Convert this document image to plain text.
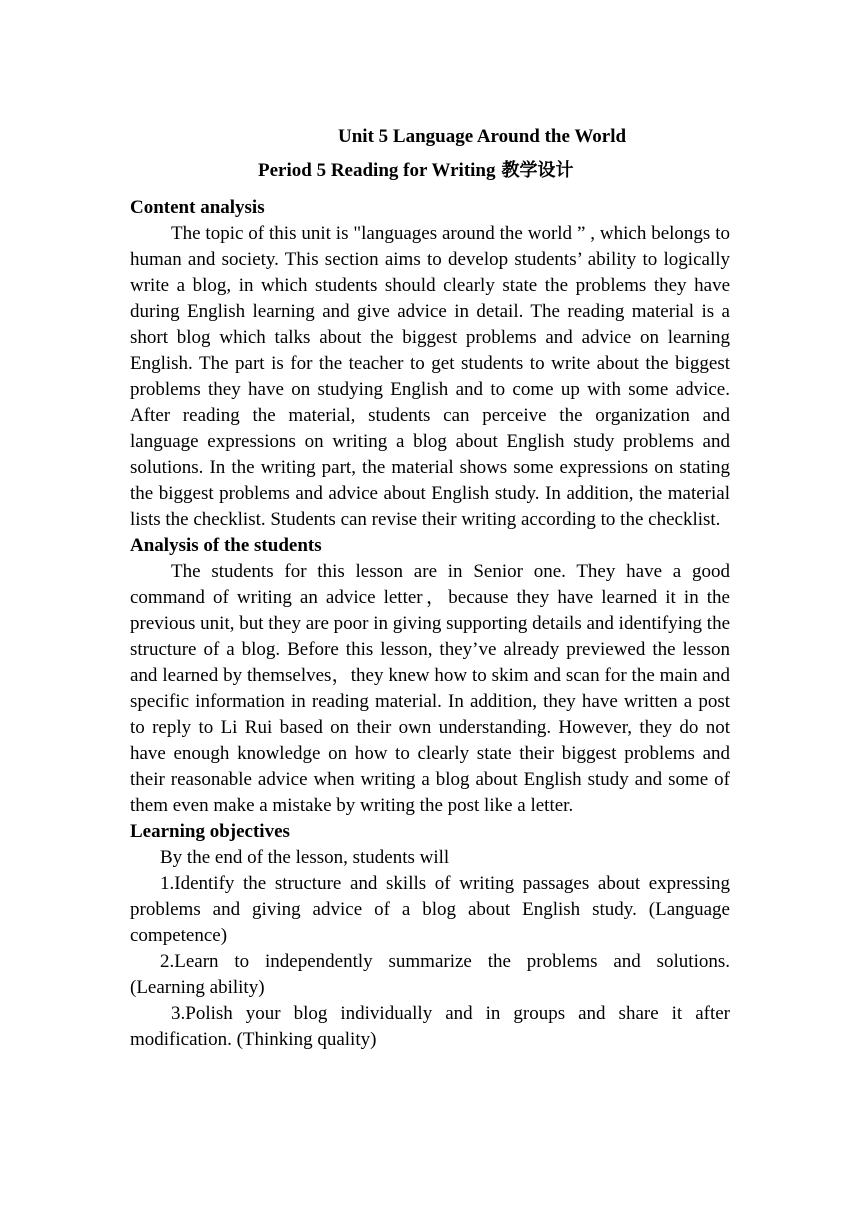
Unit 5 Language Around the World
Period 5 Reading for Writing 教学设计
Content analysis

The topic of this unit is "languages around the world ” , which belongs to human and society. This section aims to develop students’ ability to logically write a blog, in which students should clearly state the problems they have during English learning and give advice in detail. The reading material is a short blog which talks about the biggest problems and advice on learning English. The part is for the teacher to get students to write about the biggest problems they have on studying English and to come up with some advice. After reading the material, students can perceive the organization and language expressions on writing a blog about English study problems and solutions. In the writing part, the material shows some expressions on stating the biggest problems and advice about English study. In addition, the material lists the checklist. Students can revise their writing according to the checklist.

Analysis of the students

The students for this lesson are in Senior one. They have a good command of writing an advice letter，because they have learned it in the previous unit, but they are poor in giving supporting details and identifying the structure of a blog. Before this lesson, they’ve already previewed the lesson and learned by themselves，they knew how to skim and scan for the main and specific information in reading material. In addition, they have written a post to reply to Li Rui based on their own understanding. However, they do not have enough knowledge on how to clearly state their biggest problems and their reasonable advice when writing a blog about English study and some of them even make a mistake by writing the post like a letter.

Learning objectives
By the end of the lesson, students will
1.Identify the structure and skills of writing passages about expressing problems and giving advice of a blog about English study. (Language competence)
2.Learn to independently summarize the problems and solutions. (Learning ability)
3.Polish your blog individually and in groups and share it after modification. (Thinking quality)
